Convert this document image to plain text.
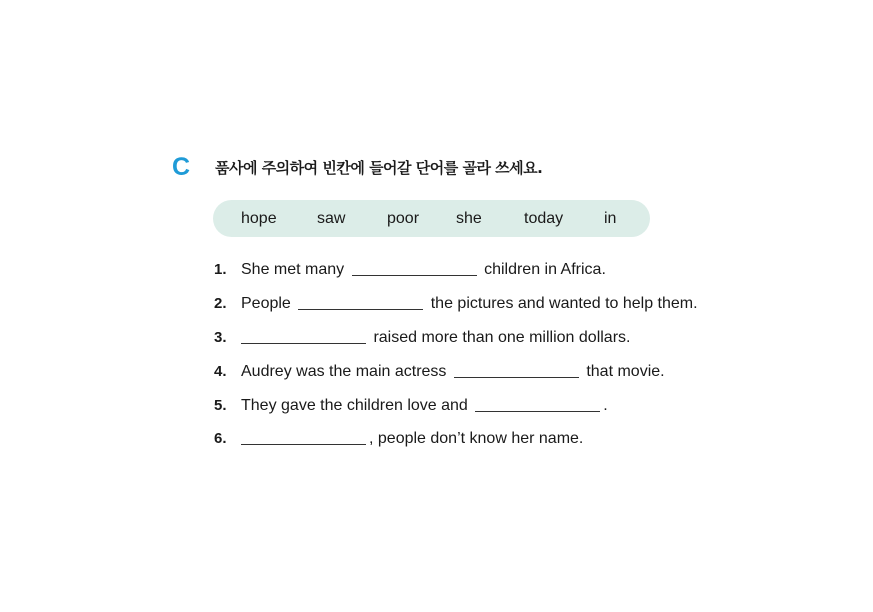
C 품사에 주의하여 빈칸에 들어갈 단어를 골라 쓰세요.
hope	saw	poor she	today	in
1. She met many	children in Africa.
2. People	the pictures and wanted to help them.
3.	raised more than one million dollars.
4. Audrey was the main actress	that movie.
5. They gave the children love and	.
6.	, people don’t know her name.
